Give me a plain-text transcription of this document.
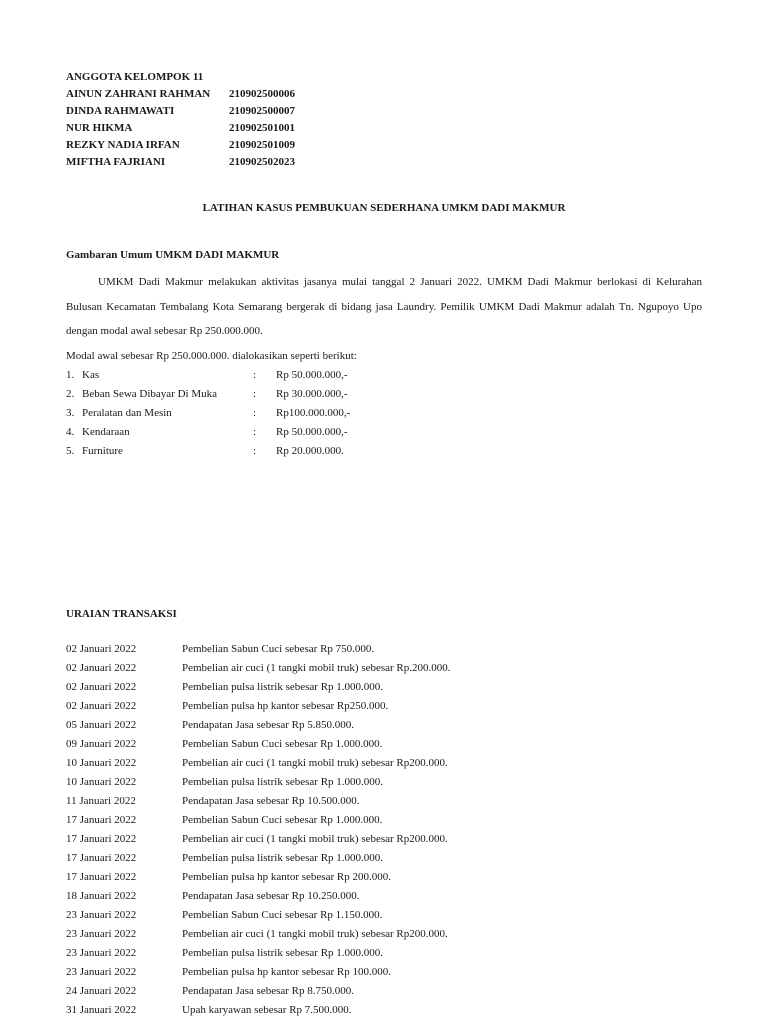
ANGGOTA KELOMPOK 11
AINUN ZAHRANI RAHMAN 210902500006
DINDA RAHMAWATI	210902500007
NUR HIKMA	210902501001
REZKY NADIA IRFAN	210902501009
MIFTHA FAJRIANI	210902502023
LATIHAN KASUS PEMBUKUAN SEDERHANA UMKM DADI MAKMUR
Gambaran Umum UMKM DADI MAKMUR

UMKM Dadi Makmur melakukan aktivitas jasanya mulai tanggal 2 Januari 2022. UMKM Dadi Makmur berlokasi di Kelurahan Bulusan Kecamatan Tembalang Kota Semarang bergerak di bidang jasa Laundry. Pemilik UMKM Dadi Makmur adalah Tn. Ngupoyo Upo dengan modal awal sebesar Rp 250.000.000.

Modal awal sebesar Rp 250.000.000. dialokasikan seperti berikut:
1. Kas	: Rp 50.000.000,-
2. Beban Sewa Dibayar Di Muka	: Rp 30.000.000,-
3. Peralatan dan Mesin	: Rp100.000.000,-
4. Kendaraan	: Rp 50.000.000,-
5. Furniture	: Rp 20.000.000.
URAIAN TRANSAKSI
02 Januari 2022	Pembelian Sabun Cuci sebesar Rp 750.000.
02 Januari 2022	Pembelian air cuci (1 tangki mobil truk) sebesar Rp.200.000.
02 Januari 2022	Pembelian pulsa listrik sebesar Rp 1.000.000.
02 Januari 2022	Pembelian pulsa hp kantor sebesar Rp250.000.
05 Januari 2022	Pendapatan Jasa sebesar Rp 5.850.000.
09 Januari 2022	Pembelian Sabun Cuci sebesar Rp 1.000.000.
10 Januari 2022	Pembelian air cuci (1 tangki mobil truk) sebesar Rp200.000.
10 Januari 2022	Pembelian pulsa listrik sebesar Rp 1.000.000.
11 Januari 2022	Pendapatan Jasa sebesar Rp 10.500.000.
17 Januari 2022	Pembelian Sabun Cuci sebesar Rp 1.000.000.
17 Januari 2022	Pembelian air cuci (1 tangki mobil truk) sebesar Rp200.000.
17 Januari 2022	Pembelian pulsa listrik sebesar Rp 1.000.000.
17 Januari 2022	Pembelian pulsa hp kantor sebesar Rp 200.000.
18 Januari 2022	Pendapatan Jasa sebesar Rp 10.250.000.
23 Januari 2022	Pembelian Sabun Cuci sebesar Rp 1.150.000.
23 Januari 2022	Pembelian air cuci (1 tangki mobil truk) sebesar Rp200.000.
23 Januari 2022	Pembelian pulsa listrik sebesar Rp 1.000.000.
23 Januari 2022	Pembelian pulsa hp kantor sebesar Rp 100.000.
24 Januari 2022	Pendapatan Jasa sebesar Rp 8.750.000.
31 Januari 2022	Upah karyawan sebesar Rp 7.500.000.
